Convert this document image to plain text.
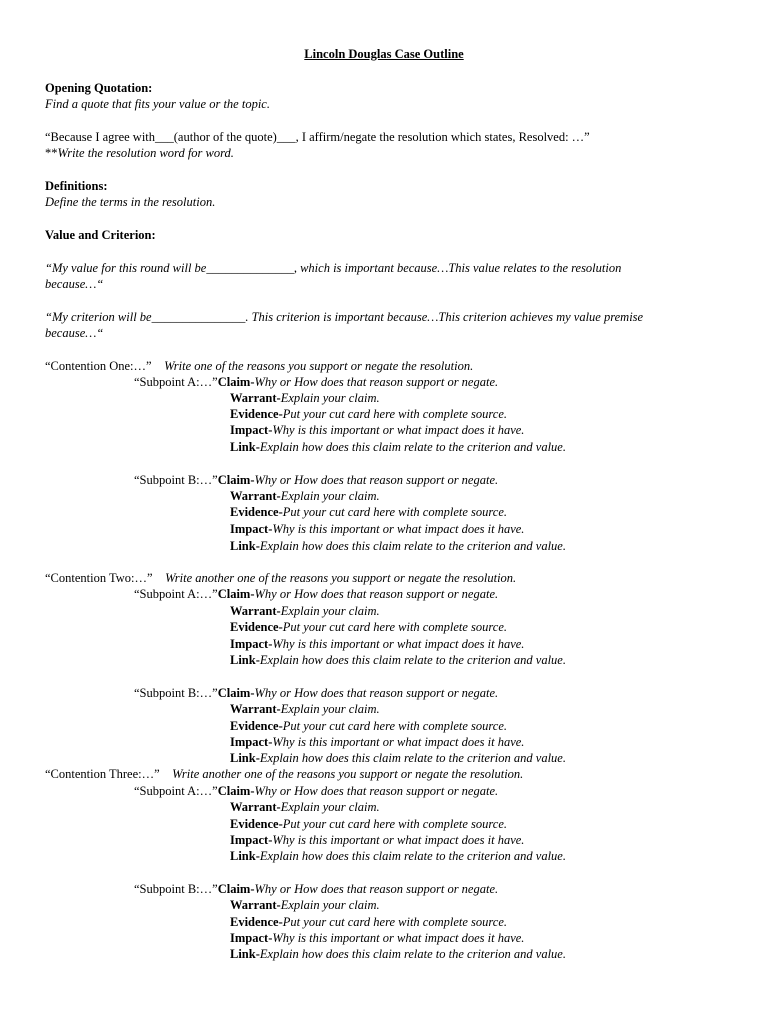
Lincoln Douglas Case Outline
Opening Quotation:
Find a quote that fits your value or the topic.
“Because I agree with___(author of the quote)___, I affirm/negate the resolution which states, Resolved: …”
**Write the resolution word for word.
Definitions:
Define the terms in the resolution.
Value and Criterion:
“My value for this round will be______________, which is important because…This value relates to the resolution
because…“
“My criterion will be_______________. This criterion is important because…This criterion achieves my value premise
because…“
“Contention One:…” Write one of the reasons you support or negate the resolution.
“Subpoint A:…”Claim-Why or How does that reason support or negate.
Warrant-Explain your claim.
Evidence-Put your cut card here with complete source.
Impact-Why is this important or what impact does it have.
Link-Explain how does this claim relate to the criterion and value.
“Subpoint B:…”Claim-Why or How does that reason support or negate.
Warrant-Explain your claim.
Evidence-Put your cut card here with complete source.
Impact-Why is this important or what impact does it have.
Link-Explain how does this claim relate to the criterion and value.
“Contention Two:…” Write another one of the reasons you support or negate the resolution.
“Subpoint A:…”Claim-Why or How does that reason support or negate.
Warrant-Explain your claim.
Evidence-Put your cut card here with complete source.
Impact-Why is this important or what impact does it have.
Link-Explain how does this claim relate to the criterion and value.
“Subpoint B:…”Claim-Why or How does that reason support or negate.
Warrant-Explain your claim.
Evidence-Put your cut card here with complete source.
Impact-Why is this important or what impact does it have.
Link-Explain how does this claim relate to the criterion and value.
“Contention Three:…” Write another one of the reasons you support or negate the resolution.
“Subpoint A:…”Claim-Why or How does that reason support or negate.
Warrant-Explain your claim.
Evidence-Put your cut card here with complete source.
Impact-Why is this important or what impact does it have.
Link-Explain how does this claim relate to the criterion and value.
“Subpoint B:…”Claim-Why or How does that reason support or negate.
Warrant-Explain your claim.
Evidence-Put your cut card here with complete source.
Impact-Why is this important or what impact does it have.
Link-Explain how does this claim relate to the criterion and value.
